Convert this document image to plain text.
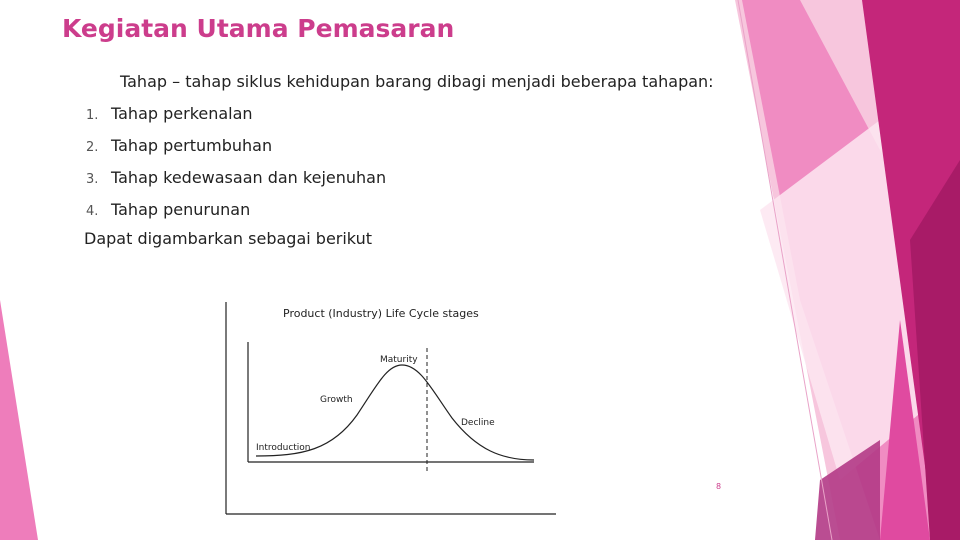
Kegiatan Utama Pemasaran
Tahap – tahap siklus kehidupan barang dibagi menjadi beberapa tahapan:
1. Tahap perkenalan
2. Tahap pertumbuhan
3. Tahap kedewasaan dan kejenuhan
4. Tahap penurunan
Dapat digambarkan sebagai berikut
Product (Industry) Life Cycle stages
Maturity
Growth
Decline
Introduction
8
